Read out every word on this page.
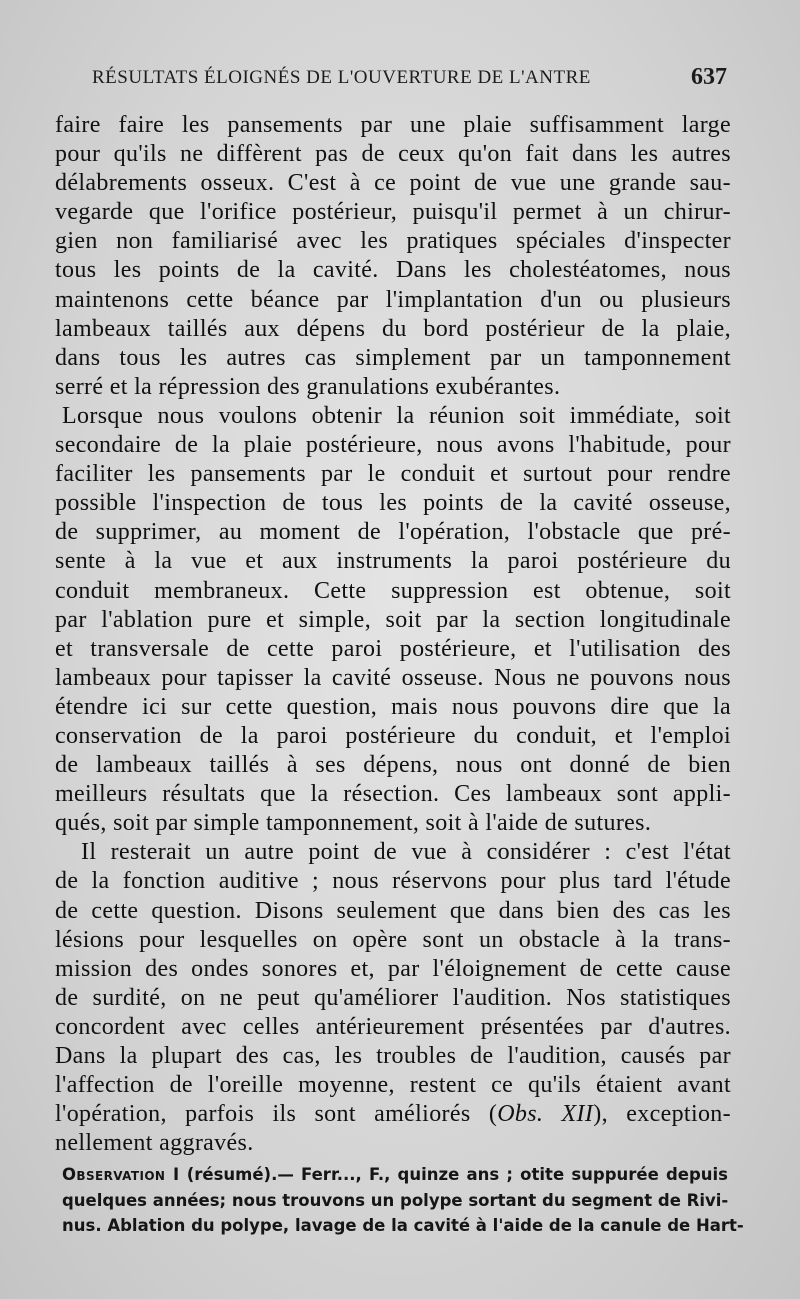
RÉSULTATS ÉLOIGNÉS DE L'OUVERTURE DE L'ANTRE	637
faire faire les pansements par une plaie suffisamment large
pour qu'ils ne diffèrent pas de ceux qu'on fait dans les autres
délabrements osseux. C'est à ce point de vue une grande sau-
vegarde que l'orifice postérieur, puisqu'il permet à un chirur-
gien non familiarisé avec les pratiques spéciales d'inspecter
tous les points de la cavité. Dans les cholestéatomes, nous
maintenons cette béance par l'implantation d'un ou plusieurs
lambeaux taillés aux dépens du bord postérieur de la plaie,
dans tous les autres cas simplement par un tamponnement
serré et la répression des granulations exubérantes.
Lorsque nous voulons obtenir la réunion soit immédiate, soit
secondaire de la plaie postérieure, nous avons l'habitude, pour
faciliter les pansements par le conduit et surtout pour rendre
possible l'inspection de tous les points de la cavité osseuse,
de supprimer, au moment de l'opération, l'obstacle que pré-
sente à la vue et aux instruments la paroi postérieure du
conduit membraneux. Cette suppression est obtenue, soit
par l'ablation pure et simple, soit par la section longitudinale
et transversale de cette paroi postérieure, et l'utilisation des
lambeaux pour tapisser la cavité osseuse. Nous ne pouvons nous
étendre ici sur cette question, mais nous pouvons dire que la
conservation de la paroi postérieure du conduit, et l'emploi
de lambeaux taillés à ses dépens, nous ont donné de bien
meilleurs résultats que la résection. Ces lambeaux sont appli-
qués, soit par simple tamponnement, soit à l'aide de sutures.
Il resterait un autre point de vue à considérer : c'est l'état
de la fonction auditive ; nous réservons pour plus tard l'étude
de cette question. Disons seulement que dans bien des cas les
lésions pour lesquelles on opère sont un obstacle à la trans-
mission des ondes sonores et, par l'éloignement de cette cause
de surdité, on ne peut qu'améliorer l'audition. Nos statistiques
concordent avec celles antérieurement présentées par d'autres.
Dans la plupart des cas, les troubles de l'audition, causés par
l'affection de l'oreille moyenne, restent ce qu'ils étaient avant
l'opération, parfois ils sont améliorés (Obs. XII), exception-
nellement aggravés.
Observation I (résumé).— Ferr..., F., quinze ans ; otite suppurée depuis
quelques années; nous trouvons un polype sortant du segment de Rivi-
nus. Ablation du polype, lavage de la cavité à l'aide de la canule de Hart-
